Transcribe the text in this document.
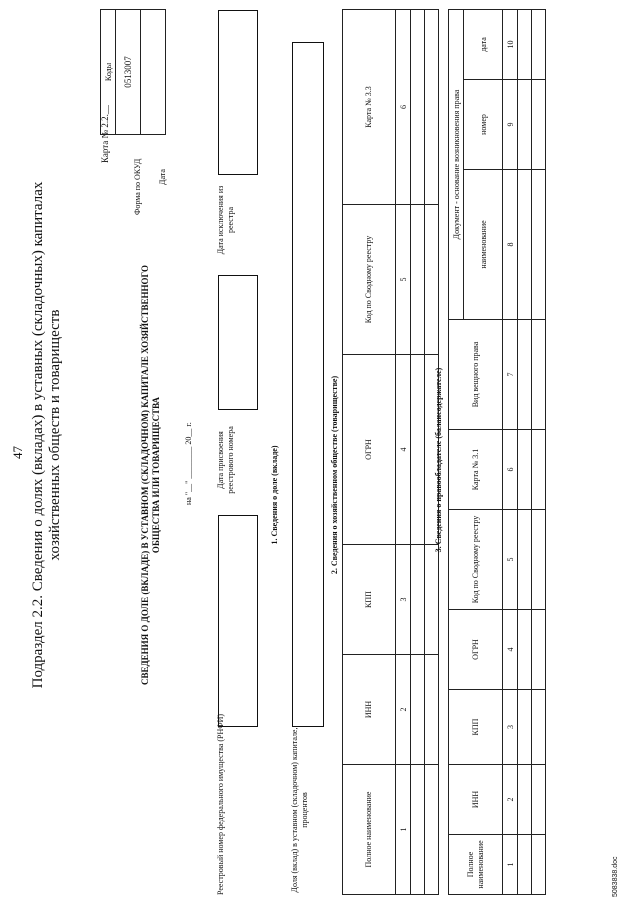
47 Подраздел 2.2. Сведения о долях (вкладах) в уставных (складочных) капиталах хозяйственных обществ и товариществ
Карта № 2.2.__
СВЕДЕНИЯ О ДОЛЕ (ВКЛАДЕ) В УСТАВНОМ (СКЛАДОЧНОМ) КАПИТАЛЕ ХОЗЯЙСТВЕННОГО ОБЩЕСТВА ИЛИ ТОВАРИЩЕСТВА	на "__" ________ 20__ г.
Форма по ОКУД Дата
Коды
0513007

Реестровый номер федерального имущества (РНФИ)
Дата присвоения реестрового номера
Дата исключения из реестра
1. Сведения о доле (вкладе)
Доля (вклад) в уставном (складочном) капитале, процентов
2. Сведения о хозяйственном обществе (товариществе)
Полное наименование	ИНН	КПП	ОГРН	Код по Сводному реестру	Карта № 3.3
1	2	3	4	5	6

3. Сведения о правообладателе (балансодержателе)
Полное наименование	ИНН	КПП	ОГРН	Код по Сводному реестру	Карта № 3.1	Вид вещного права	Документ - основание возникновения права		
							наименование	номер	дата
1	2	3	4	5	6	7	8	9	10

5083838.doc
